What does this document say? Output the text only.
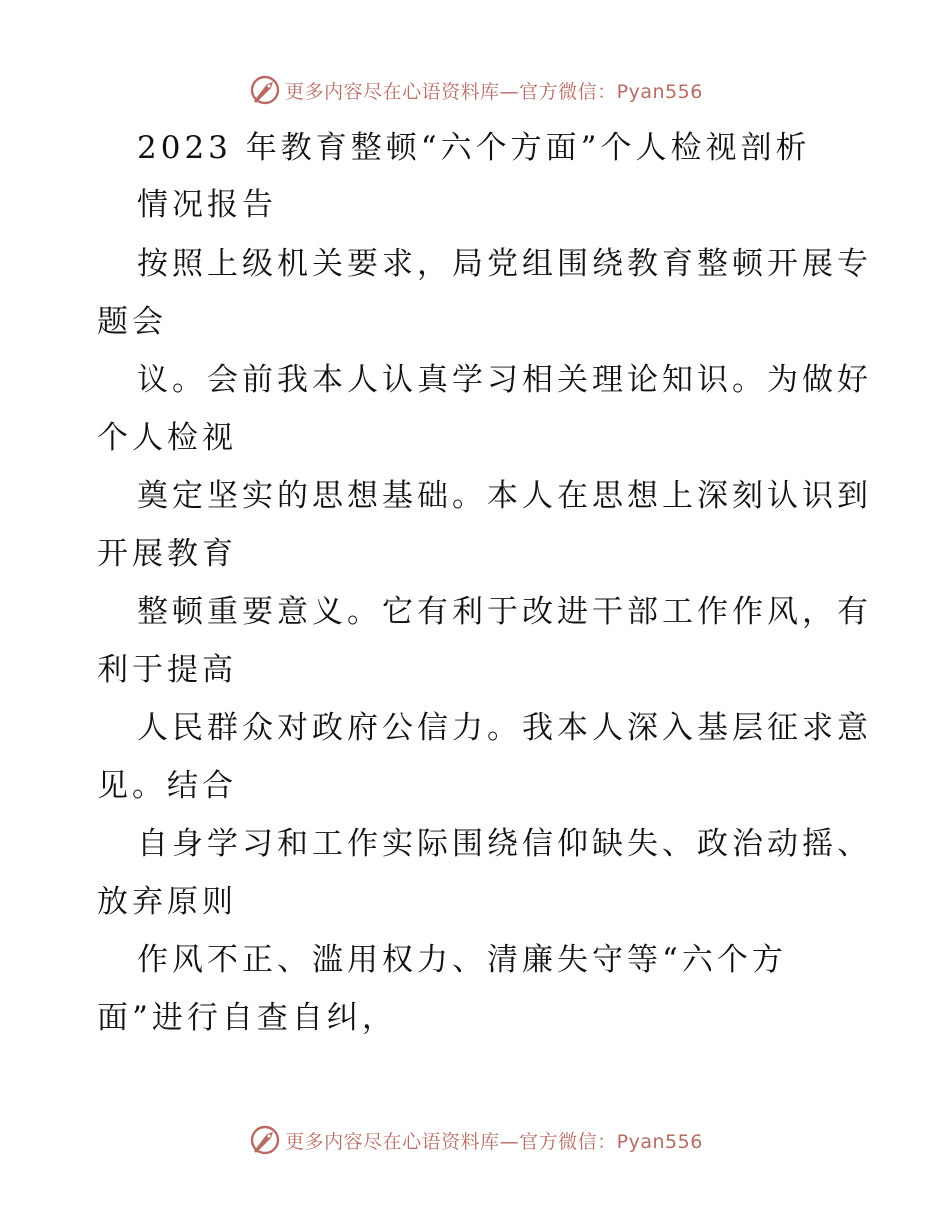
更多内容尽在心语资料库—官方微信：Pyan556
2023 年教育整顿“六个方面”个人检视剖析
情况报告
按照上级机关要求，局党组围绕教育整顿开展专
题会
议。会前我本人认真学习相关理论知识。为做好
个人检视
奠定坚实的思想基础。本人在思想上深刻认识到
开展教育
整顿重要意义。它有利于改进干部工作作风，有
利于提高
人民群众对政府公信力。我本人深入基层征求意
见。结合
自身学习和工作实际围绕信仰缺失、政治动摇、
放弃原则
作风不正、滥用权力、清廉失守等“六个方
面”进行自查自纠，
更多内容尽在心语资料库—官方微信：Pyan556
